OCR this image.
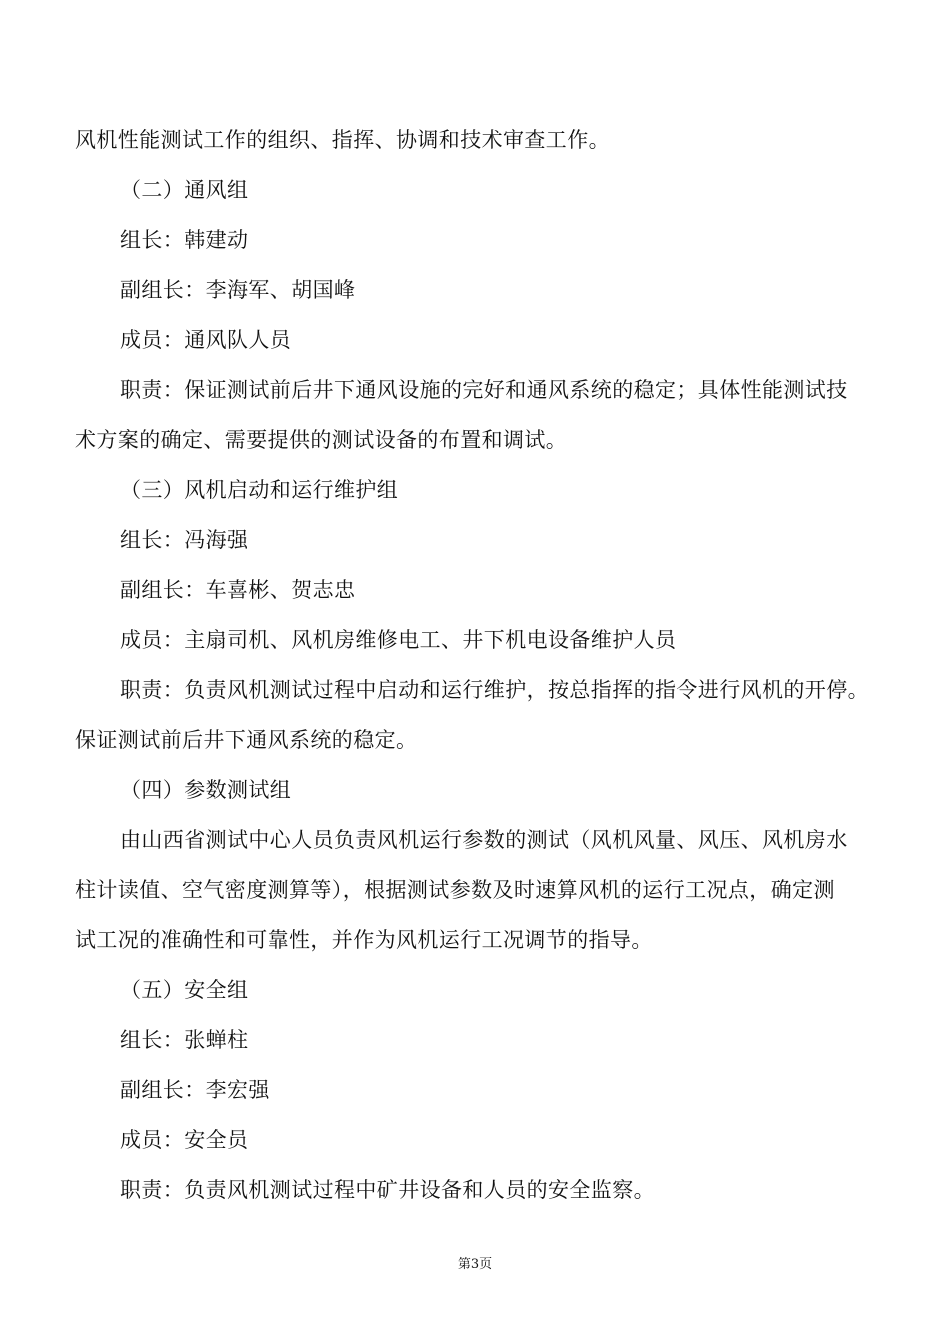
风机性能测试工作的组织、指挥、协调和技术审查工作。
（二）通风组
组长：韩建动
副组长：李海军、胡国峰
成员：通风队人员
职责：保证测试前后井下通风设施的完好和通风系统的稳定；具体性能测试技
术方案的确定、需要提供的测试设备的布置和调试。
（三）风机启动和运行维护组
组长：冯海强
副组长：车喜彬、贺志忠
成员：主扇司机、风机房维修电工、井下机电设备维护人员
职责：负责风机测试过程中启动和运行维护，按总指挥的指令进行风机的开停。
保证测试前后井下通风系统的稳定。
（四）参数测试组
由山西省测试中心人员负责风机运行参数的测试（风机风量、风压、风机房水
柱计读值、空气密度测算等），根据测试参数及时速算风机的运行工况点，确定测
试工况的准确性和可靠性，并作为风机运行工况调节的指导。
（五）安全组
组长：张蝉柱
副组长：李宏强
成员：安全员
职责：负责风机测试过程中矿井设备和人员的安全监察。
第3页
